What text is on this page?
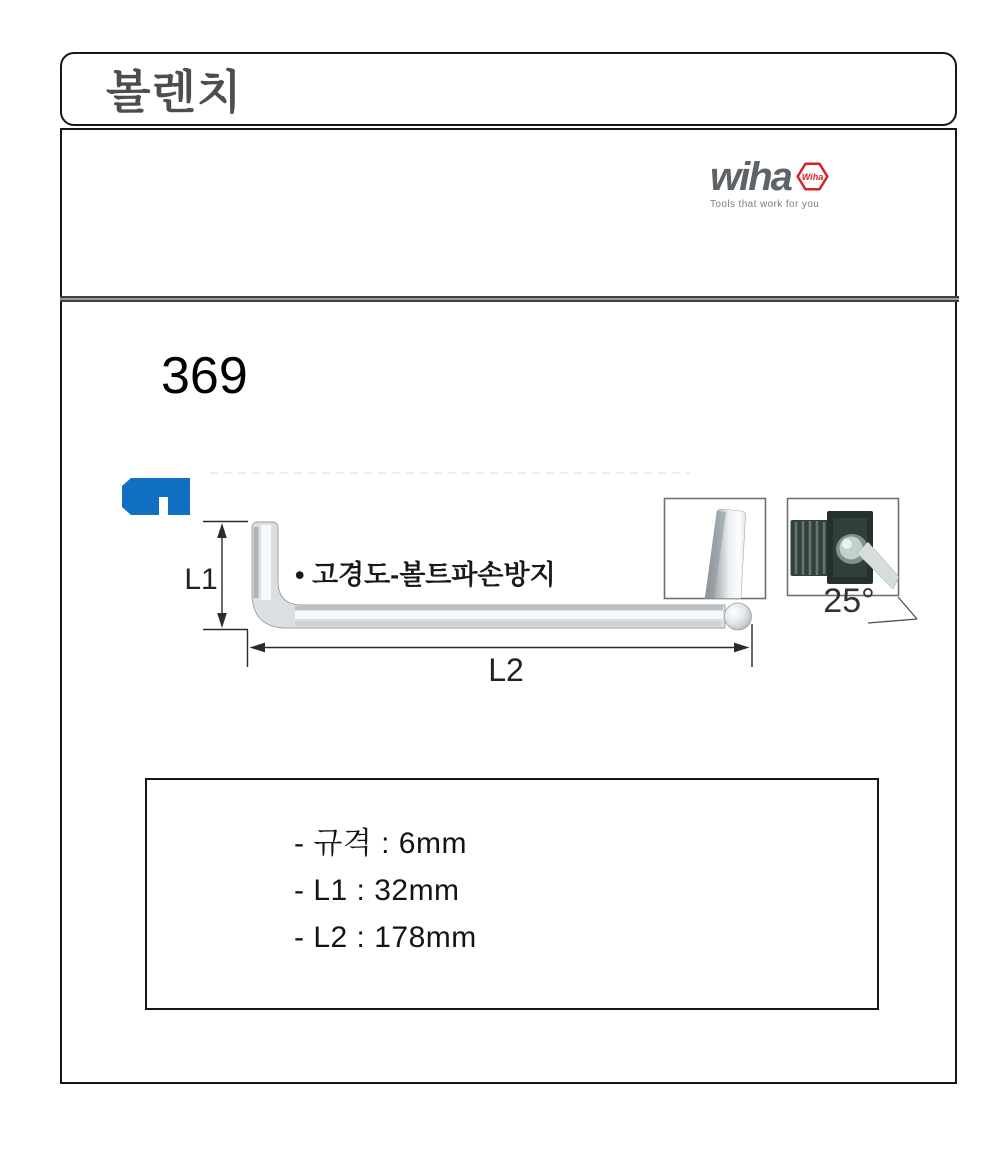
볼렌치
wiha Wiha
Tools that work for you
369
• 고경도-볼트파손방지
L1
L2
25°
- 규격 : 6mm
- L1 : 32mm
- L2 : 178mm
